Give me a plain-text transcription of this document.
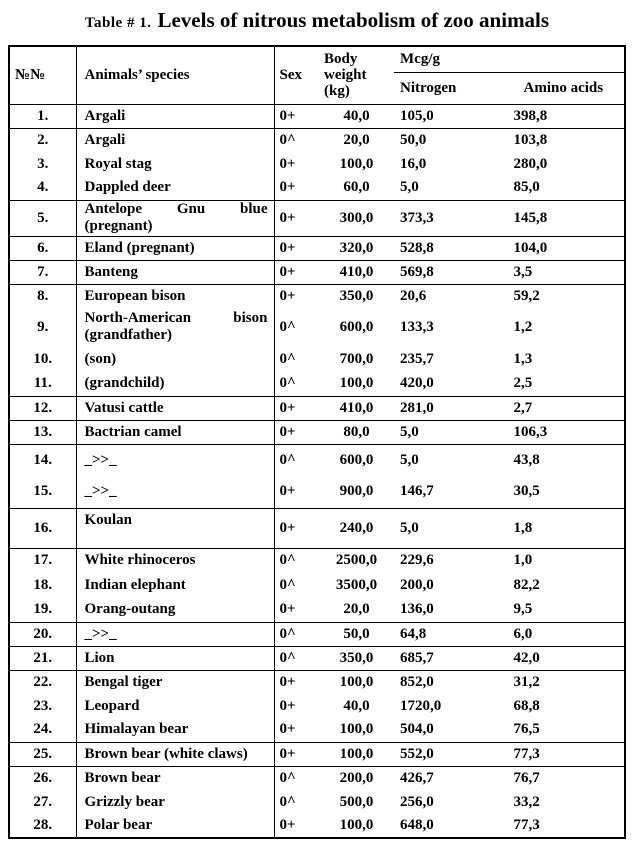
Table # 1. Levels of nitrous metabolism of zoo animals
№№	Animals’ species	Sex	Body
weight
(kg)	Mcg/g	
				Nitrogen	Amino acids
1.	Argali	0+	40,0	105,0	398,8
2.	Argali	0^	20,0	50,0	103,8
3.	Royal stag	0+	100,0	16,0	280,0
4.	Dappled deer	0+	60,0	5,0	85,0
5.	Antelope Gnu blue
(pregnant)	0+	300,0	373,3	145,8
6.	Eland (pregnant)	0+	320,0	528,8	104,0
7.	Banteng	0+	410,0	569,8	3,5
8.	European bison	0+	350,0	20,6	59,2
9.	North-American bison
(grandfather)	0^	600,0	133,3	1,2
10.	(son)	0^	700,0	235,7	1,3
11.	(grandchild)	0^	100,0	420,0	2,5
12.	Vatusi cattle	0+	410,0	281,0	2,7
13.	Bactrian camel	0+	80,0	5,0	106,3
14.	_>>_	0^	600,0	5,0	43,8
15.	_>>_	0+	900,0	146,7	30,5
16.	Koulan	0+	240,0	5,0	1,8
17.	White rhinoceros	0^	2500,0	229,6	1,0
18.	Indian elephant	0^	3500,0	200,0	82,2
19.	Orang-outang	0+	20,0	136,0	9,5
20.	_>>_	0^	50,0	64,8	6,0
21.	Lion	0^	350,0	685,7	42,0
22.	Bengal tiger	0+	100,0	852,0	31,2
23.	Leopard	0+	40,0	1720,0	68,8
24.	Himalayan bear	0+	100,0	504,0	76,5
25.	Brown bear (white claws)	0+	100,0	552,0	77,3
26.	Brown bear	0^	200,0	426,7	76,7
27.	Grizzly bear	0^	500,0	256,0	33,2
28.	Polar bear	0+	100,0	648,0	77,3
